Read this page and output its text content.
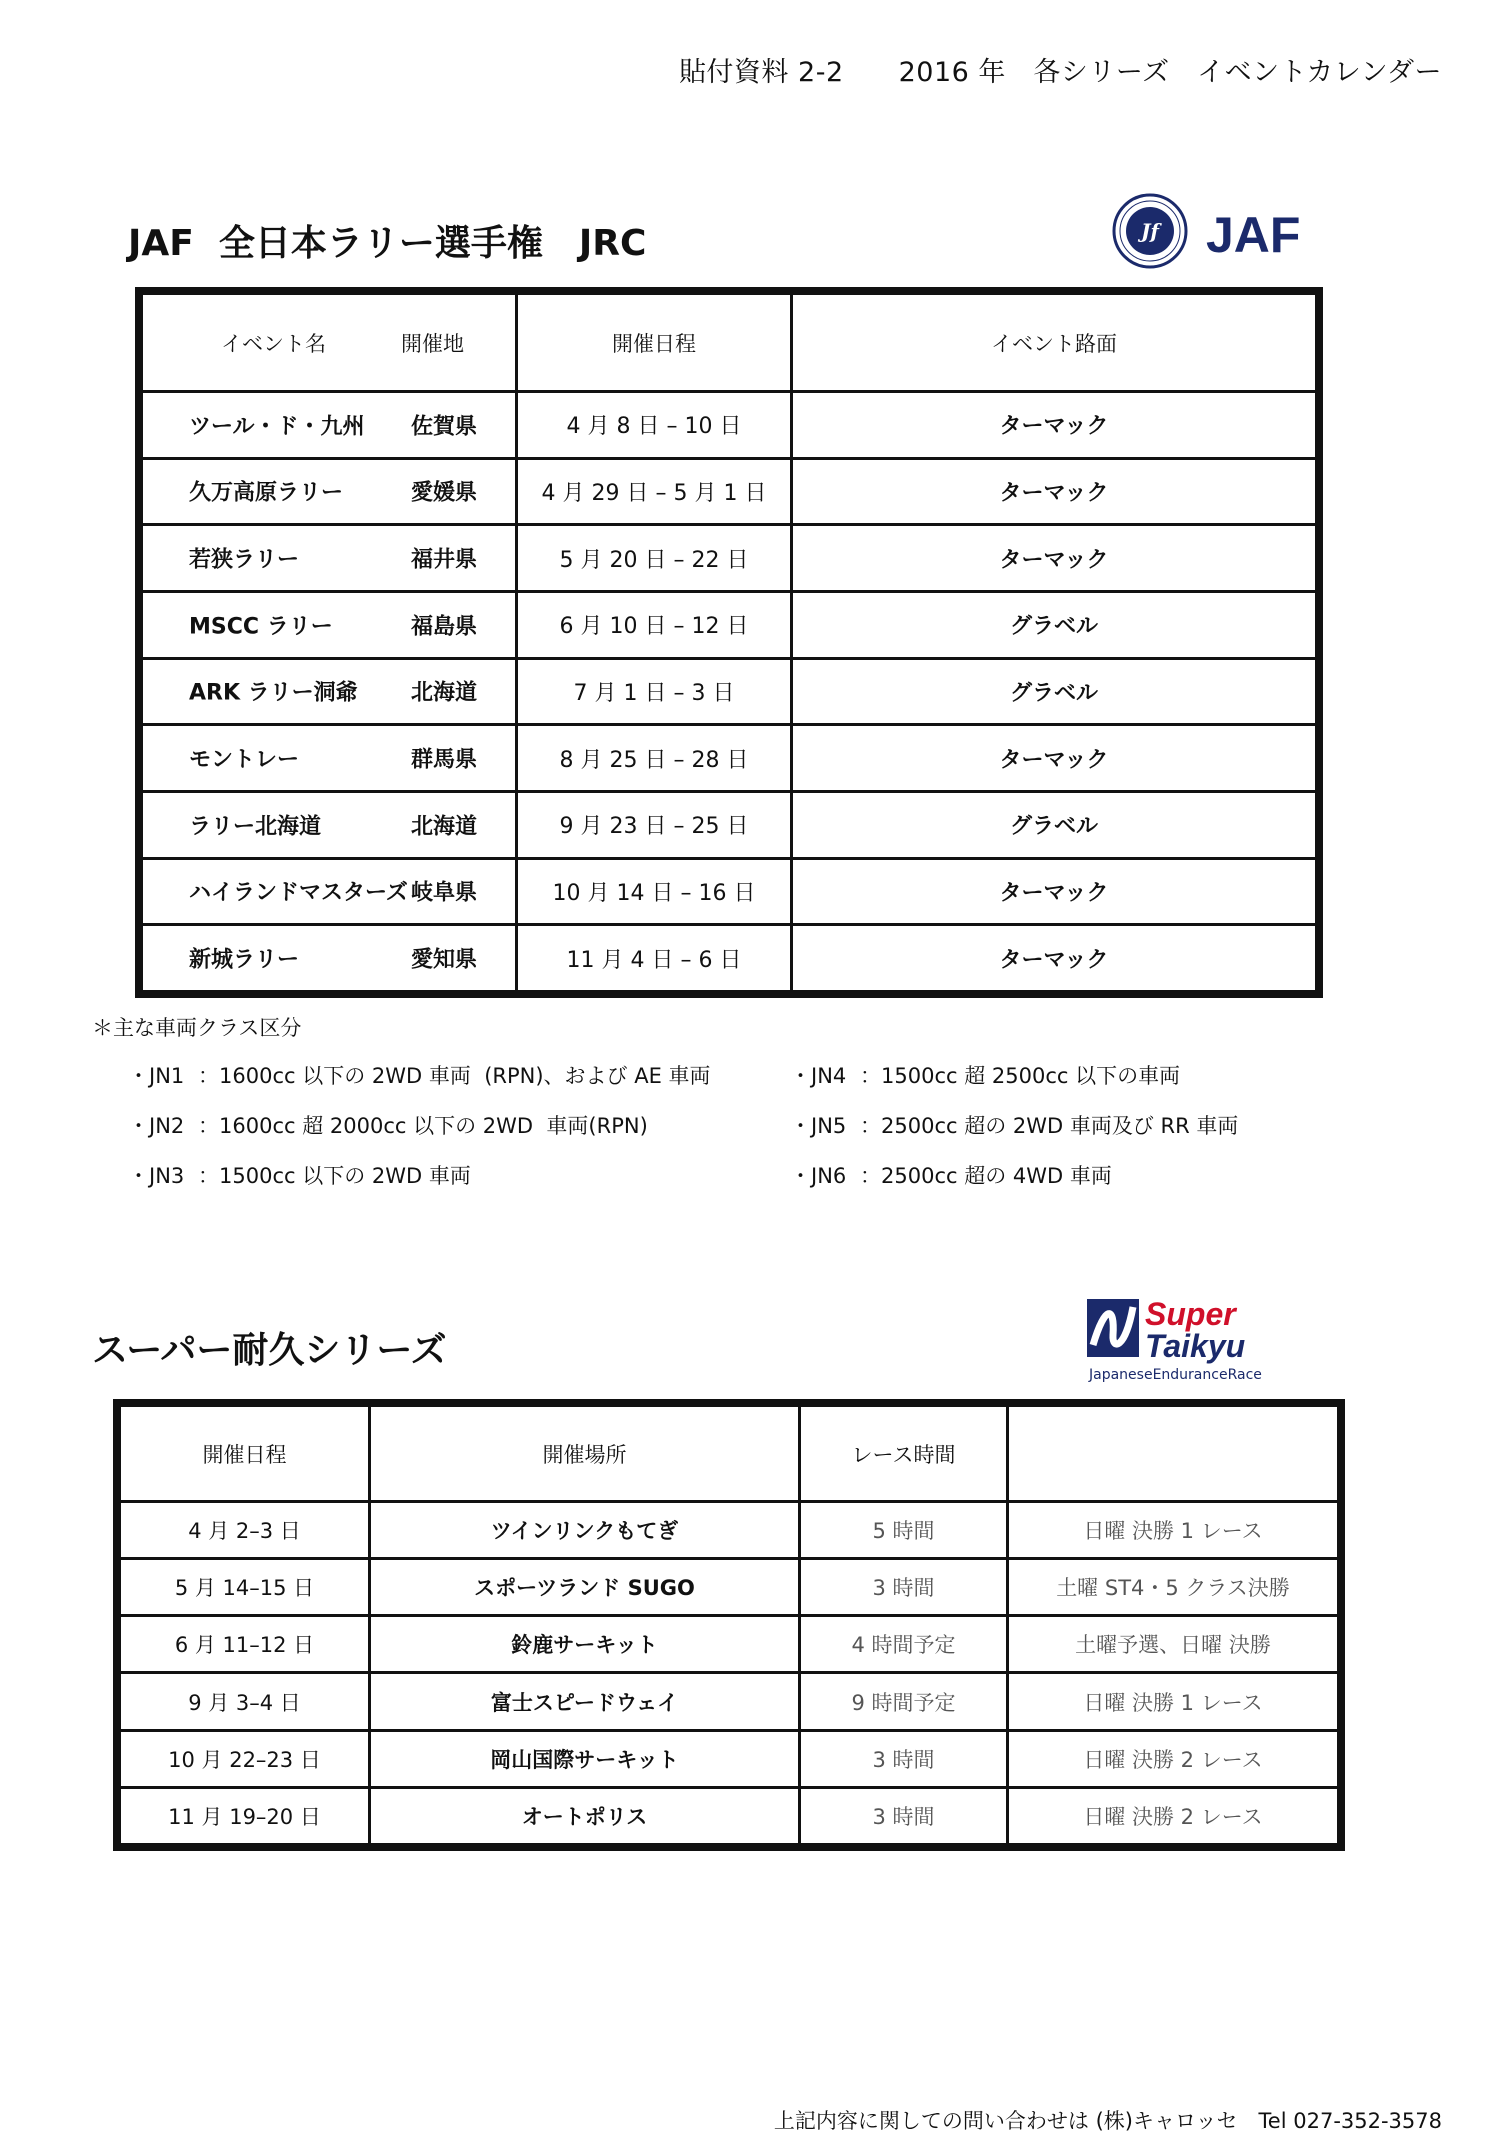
貼付資料 2-2　　2016 年　各シリーズ　イベントカレンダー
JAF  全日本ラリー選手権　JRC	Jf JAF
イベント名 開催地	開催日程	イベント路面

ツール・ド・九州 佐賀県	4 月 8 日 – 10 日	ターマック

久万高原ラリー 愛媛県	4 月 29 日 – 5 月 1 日	ターマック

若狭ラリー 福井県	5 月 20 日 – 22 日	ターマック

MSCC ラリー 福島県	6 月 10 日 – 12 日	グラベル

ARK ラリー洞爺 北海道	7 月 1 日 – 3 日	グラベル

モントレー 群馬県	8 月 25 日 – 28 日	ターマック

ラリー北海道 北海道	9 月 23 日 – 25 日	グラベル

ハイランドマスターズ 岐阜県	10 月 14 日 – 16 日	ターマック

新城ラリー 愛知県	11 月 4 日 – 6 日	ターマック
＊主な車両クラス区分
・JN1 ：1600cc 以下の 2WD 車両  (RPN)、および AE 車両
・JN2 ：1600cc 超 2000cc 以下の 2WD  車両(RPN)
・JN3 ：1500cc 以下の 2WD 車両
・JN4 ：1500cc 超 2500cc 以下の車両
・JN5 ：2500cc 超の 2WD 車両及び RR 車両
・JN6 ：2500cc 超の 4WD 車両
スーパー耐久シリーズ
Super
Taikyu
JapaneseEnduranceRace
開催日程	開催場所	レース時間	
4 月 2–3 日	ツインリンクもてぎ	5 時間	日曜 決勝 1 レース
5 月 14–15 日	スポーツランド SUGO	3 時間	土曜 ST4・5 クラス決勝
6 月 11–12 日	鈴鹿サーキット	4 時間予定	土曜予選、日曜 決勝
9 月 3–4 日	富士スピードウェイ	9 時間予定	日曜 決勝 1 レース
10 月 22–23 日	岡山国際サーキット	3 時間	日曜 決勝 2 レース
11 月 19–20 日	オートポリス	3 時間	日曜 決勝 2 レース
上記内容に関しての問い合わせは (株)キャロッセ　Tel 027-352-3578
